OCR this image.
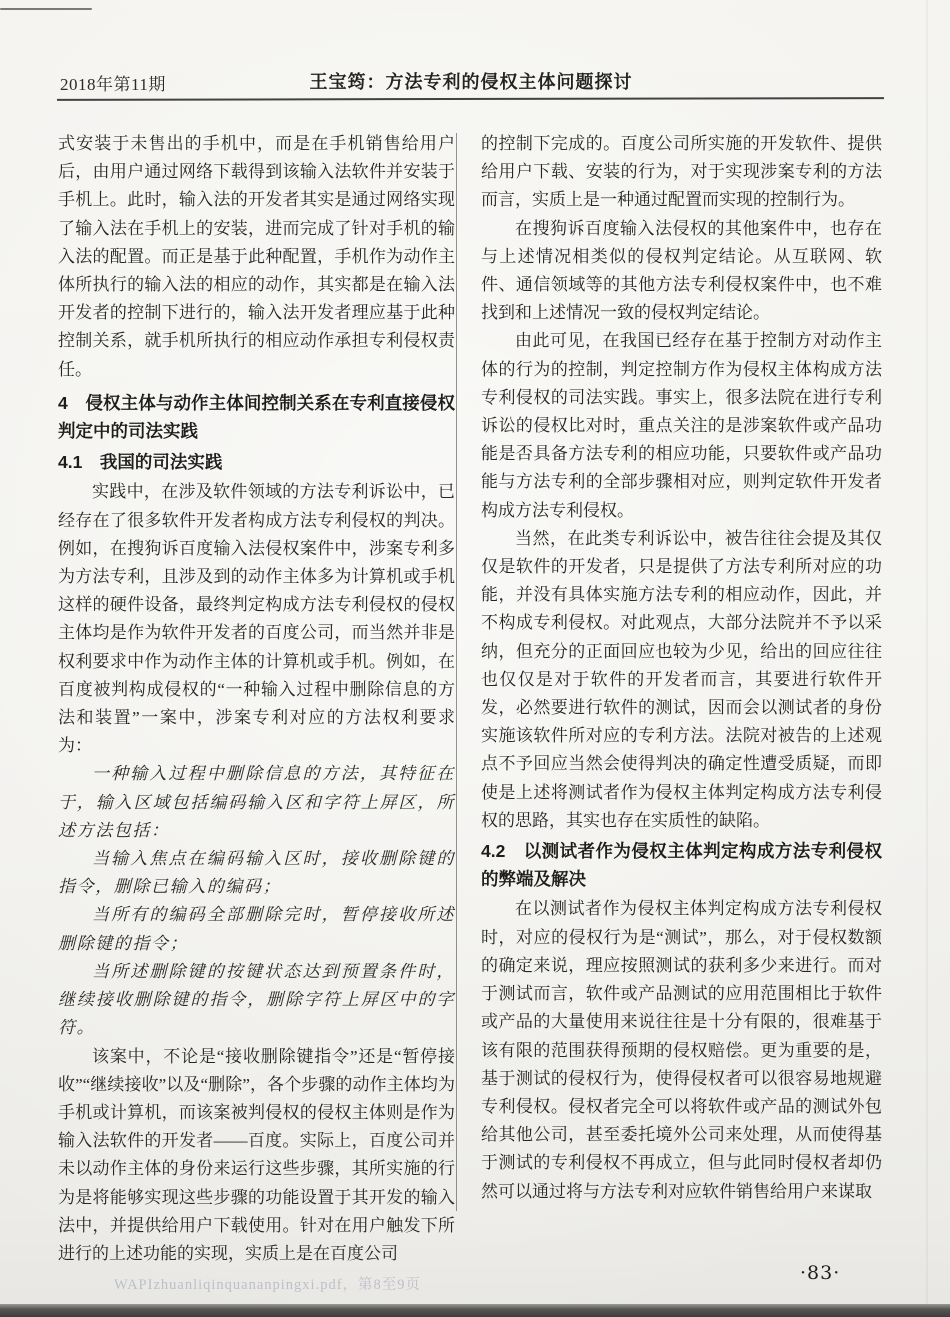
2018年第11期	王宝筠：方法专利的侵权主体问题探讨

式安装于未售出的手机中，而是在手机销售给用户后，由用户通过网络下载得到该输入法软件并安装于手机上。此时，输入法的开发者其实是通过网络实现了输入法在手机上的安装，进而完成了针对手机的输入法的配置。而正是基于此种配置，手机作为动作主体所执行的输入法的相应的动作，其实都是在输入法开发者的控制下进行的，输入法开发者理应基于此种控制关系，就手机所执行的相应动作承担专利侵权责任。

4　侵权主体与动作主体间控制关系在专利直接侵权判定中的司法实践
4.1　我国的司法实践

实践中，在涉及软件领域的方法专利诉讼中，已经存在了很多软件开发者构成方法专利侵权的判决。例如，在搜狗诉百度输入法侵权案件中，涉案专利多为方法专利，且涉及到的动作主体多为计算机或手机这样的硬件设备，最终判定构成方法专利侵权的侵权主体均是作为软件开发者的百度公司，而当然并非是权利要求中作为动作主体的计算机或手机。例如，在百度被判构成侵权的“一种输入过程中删除信息的方法和装置”一案中，涉案专利对应的方法权利要求为：

一种输入过程中删除信息的方法，其特征在于，输入区域包括编码输入区和字符上屏区，所述方法包括：

当输入焦点在编码输入区时，接收删除键的指令，删除已输入的编码；

当所有的编码全部删除完时，暂停接收所述删除键的指令；

当所述删除键的按键状态达到预置条件时，继续接收删除键的指令，删除字符上屏区中的字符。

该案中，不论是“接收删除键指令”还是“暂停接收”“继续接收”以及“删除”，各个步骤的动作主体均为手机或计算机，而该案被判侵权的侵权主体则是作为输入法软件的开发者——百度。实际上，百度公司并未以动作主体的身份来运行这些步骤，其所实施的行为是将能够实现这些步骤的功能设置于其开发的输入法中，并提供给用户下载使用。针对在用户触发下所进行的上述功能的实现，实质上是在百度公司

WAPIzhuanliqinquananpingxi.pdf，第8至9页

的控制下完成的。百度公司所实施的开发软件、提供给用户下载、安装的行为，对于实现涉案专利的方法而言，实质上是一种通过配置而实现的控制行为。

在搜狗诉百度输入法侵权的其他案件中，也存在与上述情况相类似的侵权判定结论。从互联网、软件、通信领域等的其他方法专利侵权案件中，也不难找到和上述情况一致的侵权判定结论。

由此可见，在我国已经存在基于控制方对动作主体的行为的控制，判定控制方作为侵权主体构成方法专利侵权的司法实践。事实上，很多法院在进行专利诉讼的侵权比对时，重点关注的是涉案软件或产品功能是否具备方法专利的相应功能，只要软件或产品功能与方法专利的全部步骤相对应，则判定软件开发者构成方法专利侵权。

当然，在此类专利诉讼中，被告往往会提及其仅仅是软件的开发者，只是提供了方法专利所对应的功能，并没有具体实施方法专利的相应动作，因此，并不构成专利侵权。对此观点，大部分法院并不予以采纳，但充分的正面回应也较为少见，给出的回应往往也仅仅是对于软件的开发者而言，其要进行软件开发，必然要进行软件的测试，因而会以测试者的身份实施该软件所对应的专利方法。法院对被告的上述观点不予回应当然会使得判决的确定性遭受质疑，而即使是上述将测试者作为侵权主体判定构成方法专利侵权的思路，其实也存在实质性的缺陷。

4.2　以测试者作为侵权主体判定构成方法专利侵权的弊端及解决

在以测试者作为侵权主体判定构成方法专利侵权时，对应的侵权行为是“测试”，那么，对于侵权数额的确定来说，理应按照测试的获利多少来进行。而对于测试而言，软件或产品测试的应用范围相比于软件或产品的大量使用来说往往是十分有限的，很难基于该有限的范围获得预期的侵权赔偿。更为重要的是，基于测试的侵权行为，使得侵权者可以很容易地规避专利侵权。侵权者完全可以将软件或产品的测试外包给其他公司，甚至委托境外公司来处理，从而使得基于测试的专利侵权不再成立，但与此同时侵权者却仍然可以通过将与方法专利对应软件销售给用户来谋取

·83·
